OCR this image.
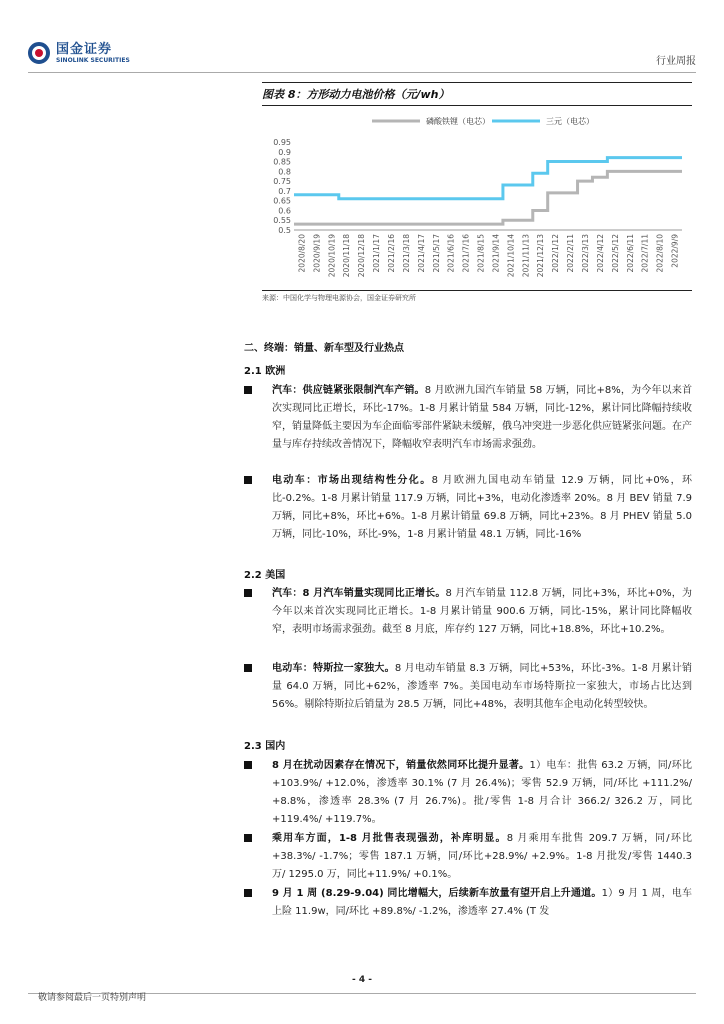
国金证券
SINOLINK SECURITIES	行业周报
图表 8：方形动力电池价格（元/wh）
磷酸铁锂（电芯）	三元（电芯）
0.95
0.9
0.85
0.8
0.75
0.7
0.65
0.6
0.55
0.5
2020/8/20 2020/9/19 2020/10/19 2020/11/18 2020/12/18 2021/1/17 2021/2/16 2021/3/18 2021/4/17 2021/5/17 2021/6/16 2021/7/16 2021/8/15 2021/9/14 2021/10/14 2021/11/13 2021/12/13 2022/1/12 2022/2/11 2022/3/13 2022/4/12 2022/5/12 2022/6/11 2022/7/11 2022/8/10 2022/9/9
来源：中国化学与物理电源协会，国金证券研究所
二、终端：销量、新车型及行业热点
2.1 欧洲
汽车：供应链紧张限制汽车产销。8 月欧洲九国汽车销量 58 万辆，同比+8%，为今年以来首次实现同比正增长，环比-17%。1-8 月累计销量 584 万辆，同比-12%，累计同比降幅持续收窄，销量降低主要因为车企面临零部件紧缺未缓解，俄乌冲突进一步恶化供应链紧张问题。在产量与库存持续改善情况下，降幅收窄表明汽车市场需求强劲。
电动车：市场出现结构性分化。8 月欧洲九国电动车销量 12.9 万辆，同比+0%，环比-0.2%。1-8 月累计销量 117.9 万辆，同比+3%，电动化渗透率 20%。8 月 BEV 销量 7.9 万辆，同比+8%，环比+6%。1-8 月累计销量 69.8 万辆，同比+23%。8 月 PHEV 销量 5.0 万辆，同比-10%，环比-9%，1-8 月累计销量 48.1 万辆，同比-16%
2.2 美国
汽车：8 月汽车销量实现同比正增长。8 月汽车销量 112.8 万辆，同比+3%，环比+0%，为今年以来首次实现同比正增长。1-8 月累计销量 900.6 万辆，同比-15%，累计同比降幅收窄，表明市场需求强劲。截至 8 月底，库存约 127 万辆，同比+18.8%，环比+10.2%。
电动车：特斯拉一家独大。8 月电动车销量 8.3 万辆，同比+53%，环比-3%。1-8 月累计销量 64.0 万辆，同比+62%，渗透率 7%。美国电动车市场特斯拉一家独大，市场占比达到 56%。剔除特斯拉后销量为 28.5 万辆，同比+48%，表明其他车企电动化转型较快。
2.3 国内
8 月在扰动因素存在情况下，销量依然同环比提升显著。1）电车：批售 63.2 万辆，同/环比 +103.9%/ +12.0%，渗透率 30.1% (7 月 26.4%)；零售 52.9 万辆，同/环比 +111.2%/ +8.8%，渗透率 28.3% (7 月 26.7%)。批/零售 1-8 月合计 366.2/ 326.2 万，同比 +119.4%/ +119.7%。
乘用车方面，1-8 月批售表现强劲，补库明显。8 月乘用车批售 209.7 万辆，同/环比 +38.3%/ -1.7%；零售 187.1 万辆，同/环比+28.9%/ +2.9%。1-8 月批发/零售 1440.3 万/ 1295.0 万，同比+11.9%/ +0.1%。
9 月 1 周 (8.29-9.04) 同比增幅大，后续新车放量有望开启上升通道。1）9 月 1 周，电车上险 11.9w，同/环比 +89.8%/ -1.2%，渗透率 27.4% (T 发
- 4 -
敬请参阅最后一页特别声明
